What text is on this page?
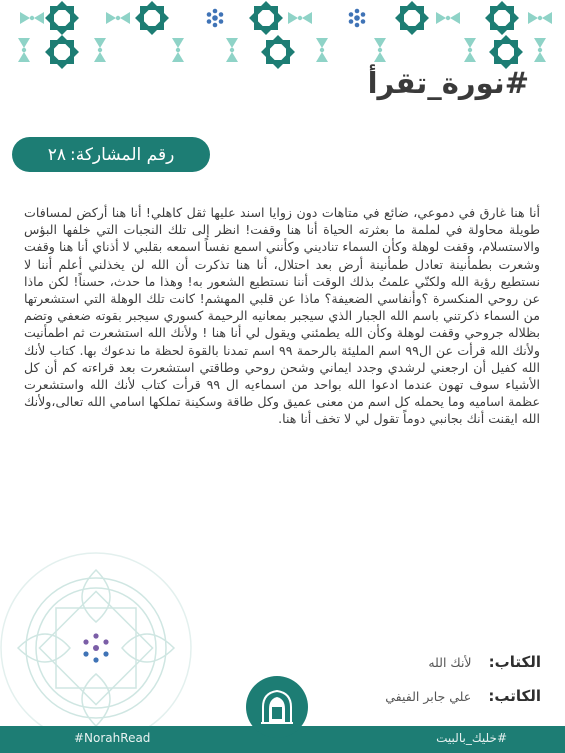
#نورة_تقرأ
رقم المشاركة:
٢٨
أنا هنا غارق في دموعي، ضائع في متاهات دون زوايا اسند عليها ثقل كاهلي! أنا هنا أركض لمسافات طويلة محاولة في لملمة ما بعثرته الحياة أنا هنا وقفت! انظر إلى تلك النجبات التي خلفها البؤس والاستسلام، وقفت لوهلة وكأن السماء تناديني وكأنني اسمع نفساً اسمعه بقلبي لا أذناي أنا هنا وقفت وشعرت بطمأنينة تعادل طمأنينة أرض بعد احتلال، أنا هنا تذكرت أن الله لن يخذلني أعلم أننا لا نستطيع رؤية الله ولكنّي علمتُ بذلك الوقت أننا نستطيع الشعور به! وهذا ما حدث، حسناً! لكن ماذا عن روحي المنكسرة ؟وأنفاسي الضعيفة؟ ماذا عن قلبي المهشم! كانت تلك الوهلة التي استشعرتها من السماء ذكرتني باسم الله الجبار الذي سيجبر بمعانيه الرحيمة كسوري سيجبر بقوته ضعفي وتضم بظلاله جروحي وقفت لوهلة وكأن الله يطمئني ويقول لي أنا هنا ! ولأنك الله استشعرت ثم اطمأنيت ولأنك الله قرأت عن ال٩٩ اسم المليئة بالرحمة ٩٩ اسم تمدنا بالقوة لحظة ما ندعوك بها. كتاب لأنك الله كفيل أن ارجعني لرشدي وجدد ايماني وشحن روحي وطاقتي استشعرت بعد قراءته كم أن كل الأشياء سوف تهون عندما ادعوا الله بواحد من اسماءيه ال ٩٩ قرأت كتاب لأنك الله واستشعرت عظمة اساميه وما يحمله كل اسم من معنى عميق وكل طاقة وسكينة تملكها اسامي الله تعالى،ولأنك الله ايقنت أنك بجانبي دوماً تقول لي لا تخف أنا هنا.
الكتاب: لأنك الله
الكاتب: علي جابر الفيفي
#NorahRead	#خليك_بالبيت
